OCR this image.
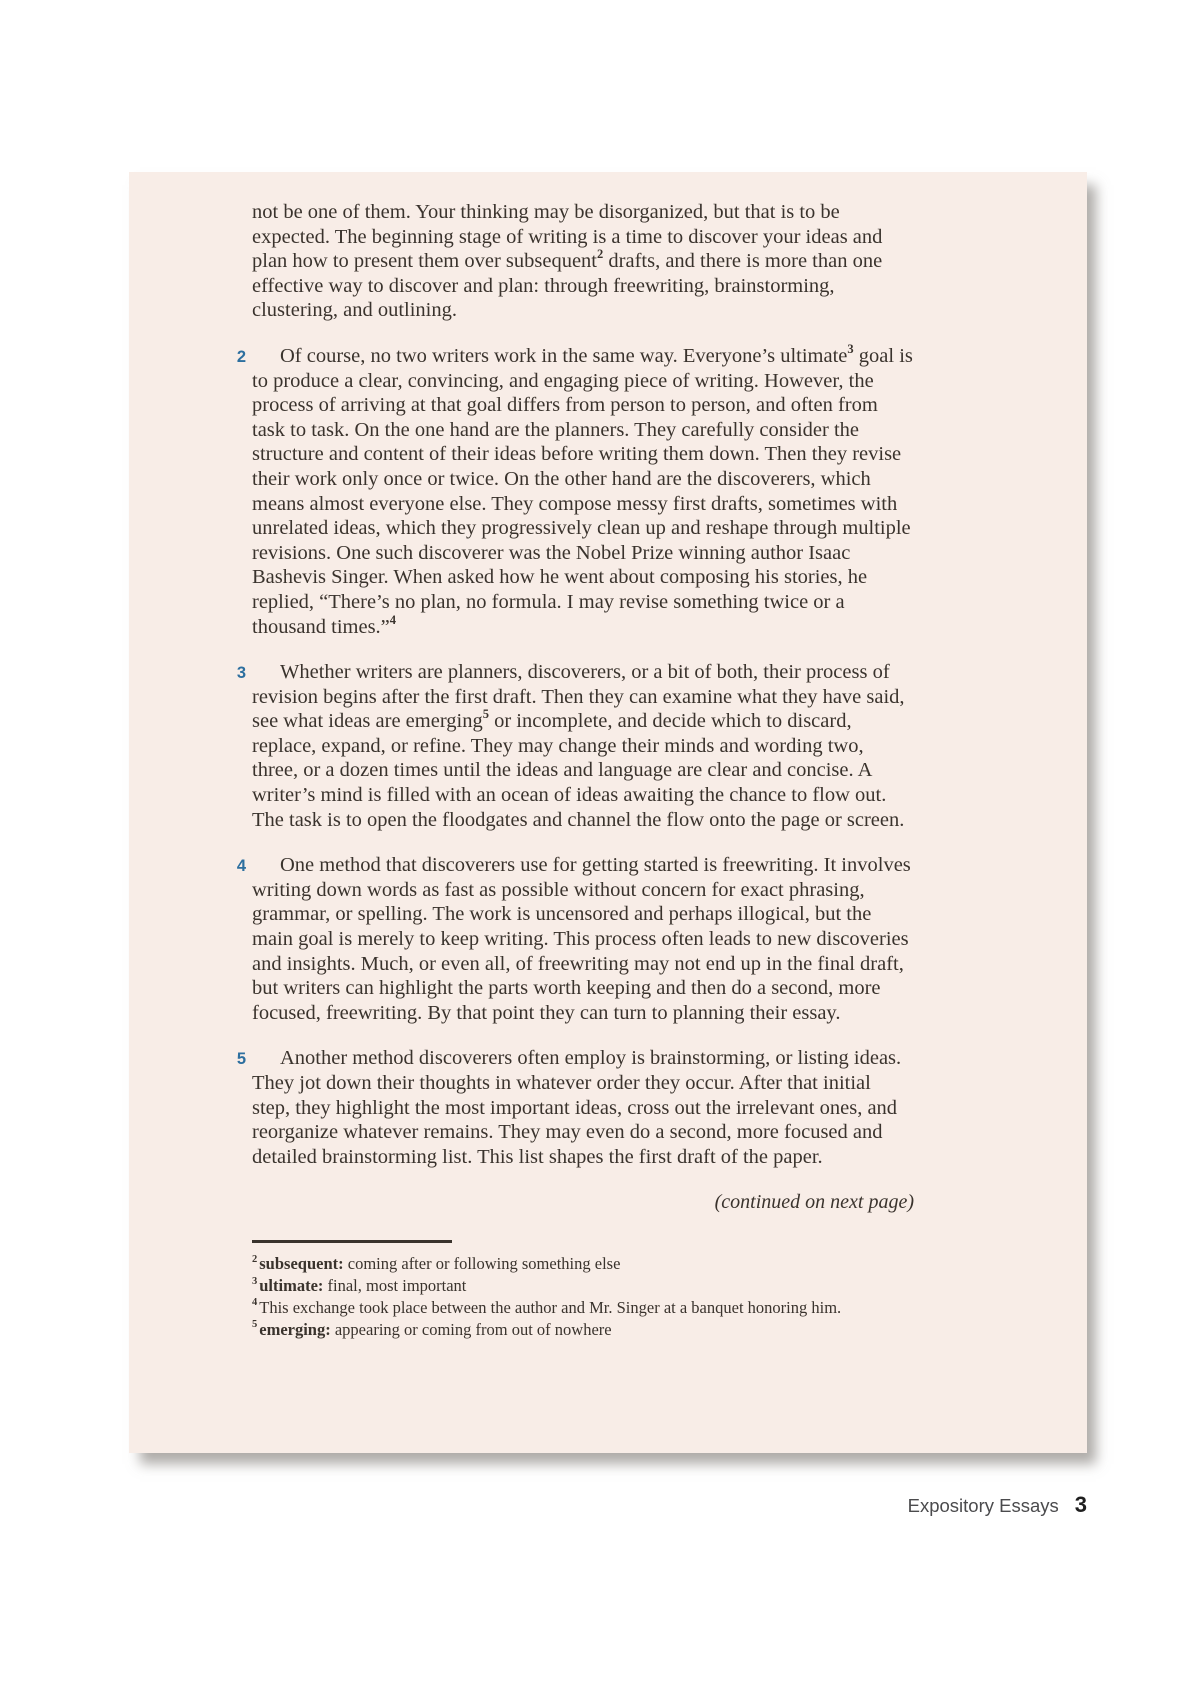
not be one of them. Your thinking may be disorganized, but that is to be expected. The beginning stage of writing is a time to discover your ideas and plan how to present them over subsequent$^2$ drafts, and there is more than one effective way to discover and plan: through freewriting, brainstorming, clustering, and outlining.

2	Of course, no two writers work in the same way. Everyone’s ultimate$^3$ goal is to produce a clear, convincing, and engaging piece of writing. However, the process of arriving at that goal differs from person to person, and often from task to task. On the one hand are the planners. They carefully consider the structure and content of their ideas before writing them down. Then they revise their work only once or twice. On the other hand are the discoverers, which means almost everyone else. They compose messy first drafts, sometimes with unrelated ideas, which they progressively clean up and reshape through multiple revisions. One such discoverer was the Nobel Prize winning author Isaac Bashevis Singer. When asked how he went about composing his stories, he replied, “There’s no plan, no formula. I may revise something twice or a thousand times.”$^4$

3	Whether writers are planners, discoverers, or a bit of both, their process of revision begins after the first draft. Then they can examine what they have said, see what ideas are emerging$^5$ or incomplete, and decide which to discard, replace, expand, or refine. They may change their minds and wording two, three, or a dozen times until the ideas and language are clear and concise. A writer’s mind is filled with an ocean of ideas awaiting the chance to flow out. The task is to open the floodgates and channel the flow onto the page or screen.

4	One method that discoverers use for getting started is freewriting. It involves writing down words as fast as possible without concern for exact phrasing, grammar, or spelling. The work is uncensored and perhaps illogical, but the main goal is merely to keep writing. This process often leads to new discoveries and insights. Much, or even all, of freewriting may not end up in the final draft, but writers can highlight the parts worth keeping and then do a second, more focused, freewriting. By that point they can turn to planning their essay.

5	Another method discoverers often employ is brainstorming, or listing ideas. They jot down their thoughts in whatever order they occur. After that initial step, they highlight the most important ideas, cross out the irrelevant ones, and reorganize whatever remains. They may even do a second, more focused and detailed brainstorming list. This list shapes the first draft of the paper.

(continued on next page)
$^2$ subsequent: coming after or following something else
$^3$ ultimate: final, most important
$^4$ This exchange took place between the author and Mr. Singer at a banquet honoring him.
$^5$ emerging: appearing or coming from out of nowhere
Expository Essays 3
